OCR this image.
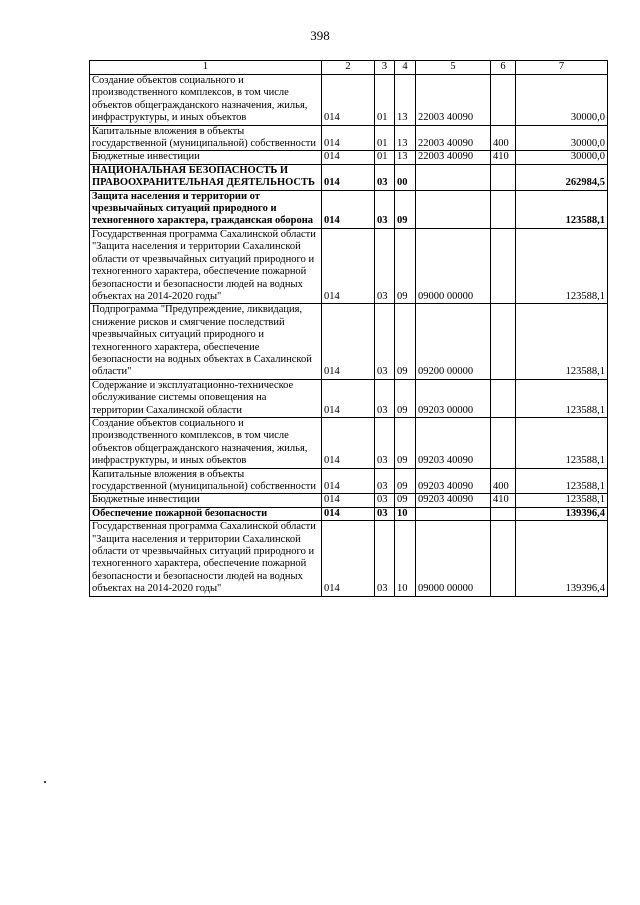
398
1	2	3	4	5	6	7
Создание объектов социального и производственного комплексов, в том числе объектов общегражданского назначения, жилья, инфраструктуры, и иных объектов	014	01	13	22003 40090		30000,0
Капитальные вложения в объекты государственной (муниципальной) собственности	014	01	13	22003 40090	400	30000,0
Бюджетные инвестиции	014	01	13	22003 40090	410	30000,0
НАЦИОНАЛЬНАЯ БЕЗОПАСНОСТЬ И ПРАВООХРАНИТЕЛЬНАЯ ДЕЯТЕЛЬНОСТЬ	014	03	00			262984,5
Защита населения и территории от чрезвычайных ситуаций природного и техногенного характера, гражданская оборона	014	03	09			123588,1
Государственная программа Сахалинской области "Защита населения и территории Сахалинской области от чрезвычайных ситуаций природного и техногенного характера, обеспечение пожарной безопасности и безопасности людей на водных объектах на 2014-2020 годы"	014	03	09	09000 00000		123588,1
Подпрограмма "Предупреждение, ликвидация, снижение рисков и смягчение последствий чрезвычайных ситуаций природного и техногенного характера, обеспечение безопасности на водных объектах в Сахалинской области"	014	03	09	09200 00000		123588,1
Содержание и эксплуатационно-техническое обслуживание системы оповещения на территории Сахалинской области	014	03	09	09203 00000		123588,1
Создание объектов социального и производственного комплексов, в том числе объектов общегражданского назначения, жилья, инфраструктуры, и иных объектов	014	03	09	09203 40090		123588,1
Капитальные вложения в объекты государственной (муниципальной) собственности	014	03	09	09203 40090	400	123588,1
Бюджетные инвестиции	014	03	09	09203 40090	410	123588,1
Обеспечение пожарной безопасности	014	03	10			139396,4
Государственная программа Сахалинской области "Защита населения и территории Сахалинской области от чрезвычайных ситуаций природного и техногенного характера, обеспечение пожарной безопасности и безопасности людей на водных объектах на 2014-2020 годы"	014	03	10	09000 00000		139396,4
